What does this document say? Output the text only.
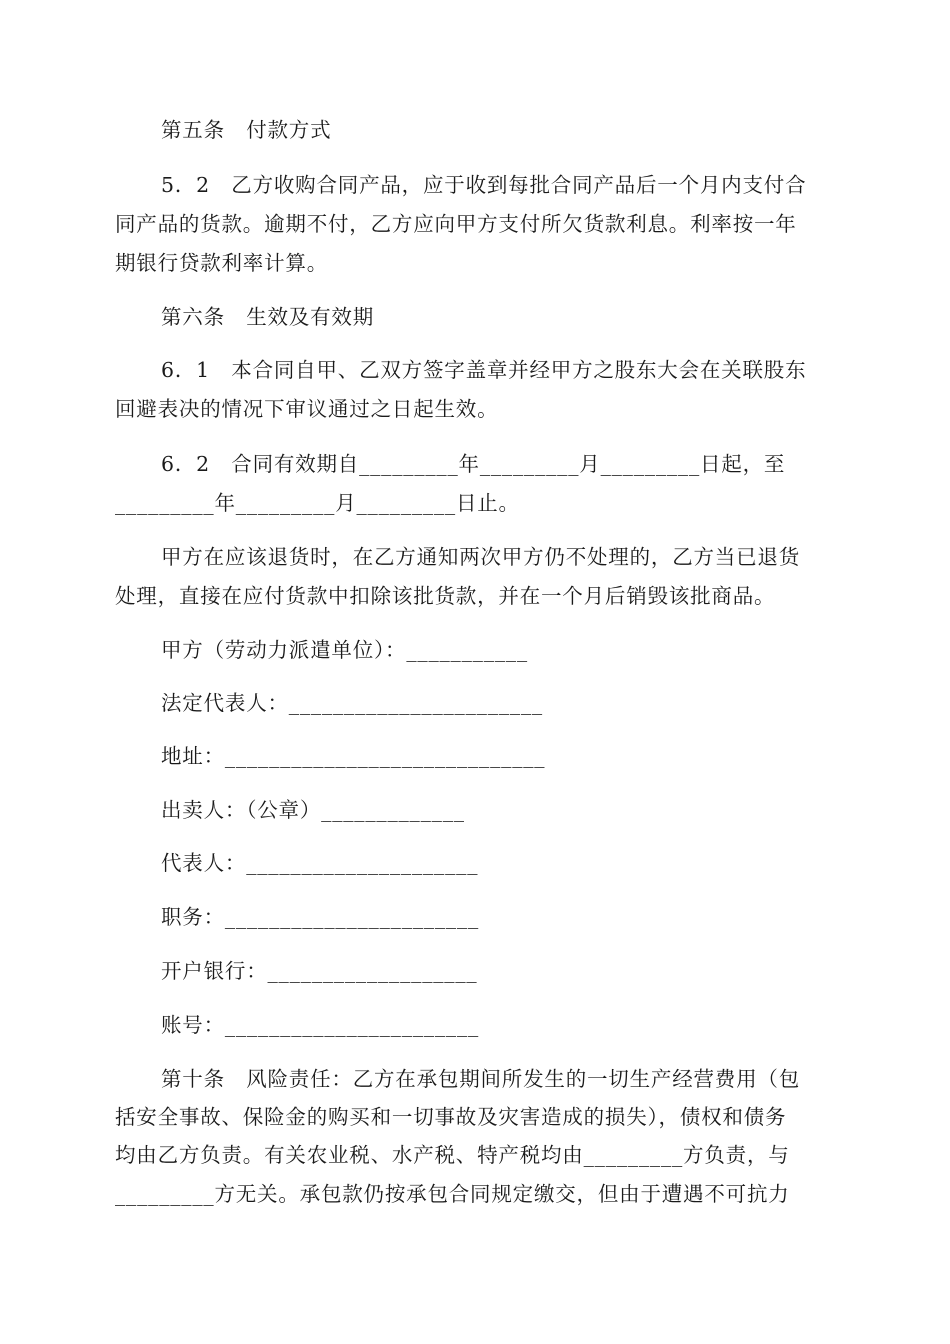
第五条　付款方式
5．2　乙方收购合同产品，应于收到每批合同产品后一个月内支付合
同产品的货款。逾期不付，乙方应向甲方支付所欠货款利息。利率按一年
期银行贷款利率计算。
第六条　生效及有效期
6．1　本合同自甲、乙双方签字盖章并经甲方之股东大会在关联股东
回避表决的情况下审议通过之日起生效。
6．2　合同有效期自_________年_________月_________日起，至
_________年_________月_________日止。
甲方在应该退货时，在乙方通知两次甲方仍不处理的，乙方当已退货
处理，直接在应付货款中扣除该批货款，并在一个月后销毁该批商品。
甲方（劳动力派遣单位）：___________
法定代表人：_______________________
地址：_____________________________
出卖人：（公章）_____________
代表人：_____________________
职务：_______________________
开户银行：___________________
账号：_______________________
第十条　风险责任：乙方在承包期间所发生的一切生产经营费用（包
括安全事故、保险金的购买和一切事故及灾害造成的损失），债权和债务
均由乙方负责。有关农业税、水产税、特产税均由_________方负责，与
_________方无关。承包款仍按承包合同规定缴交，但由于遭遇不可抗力
